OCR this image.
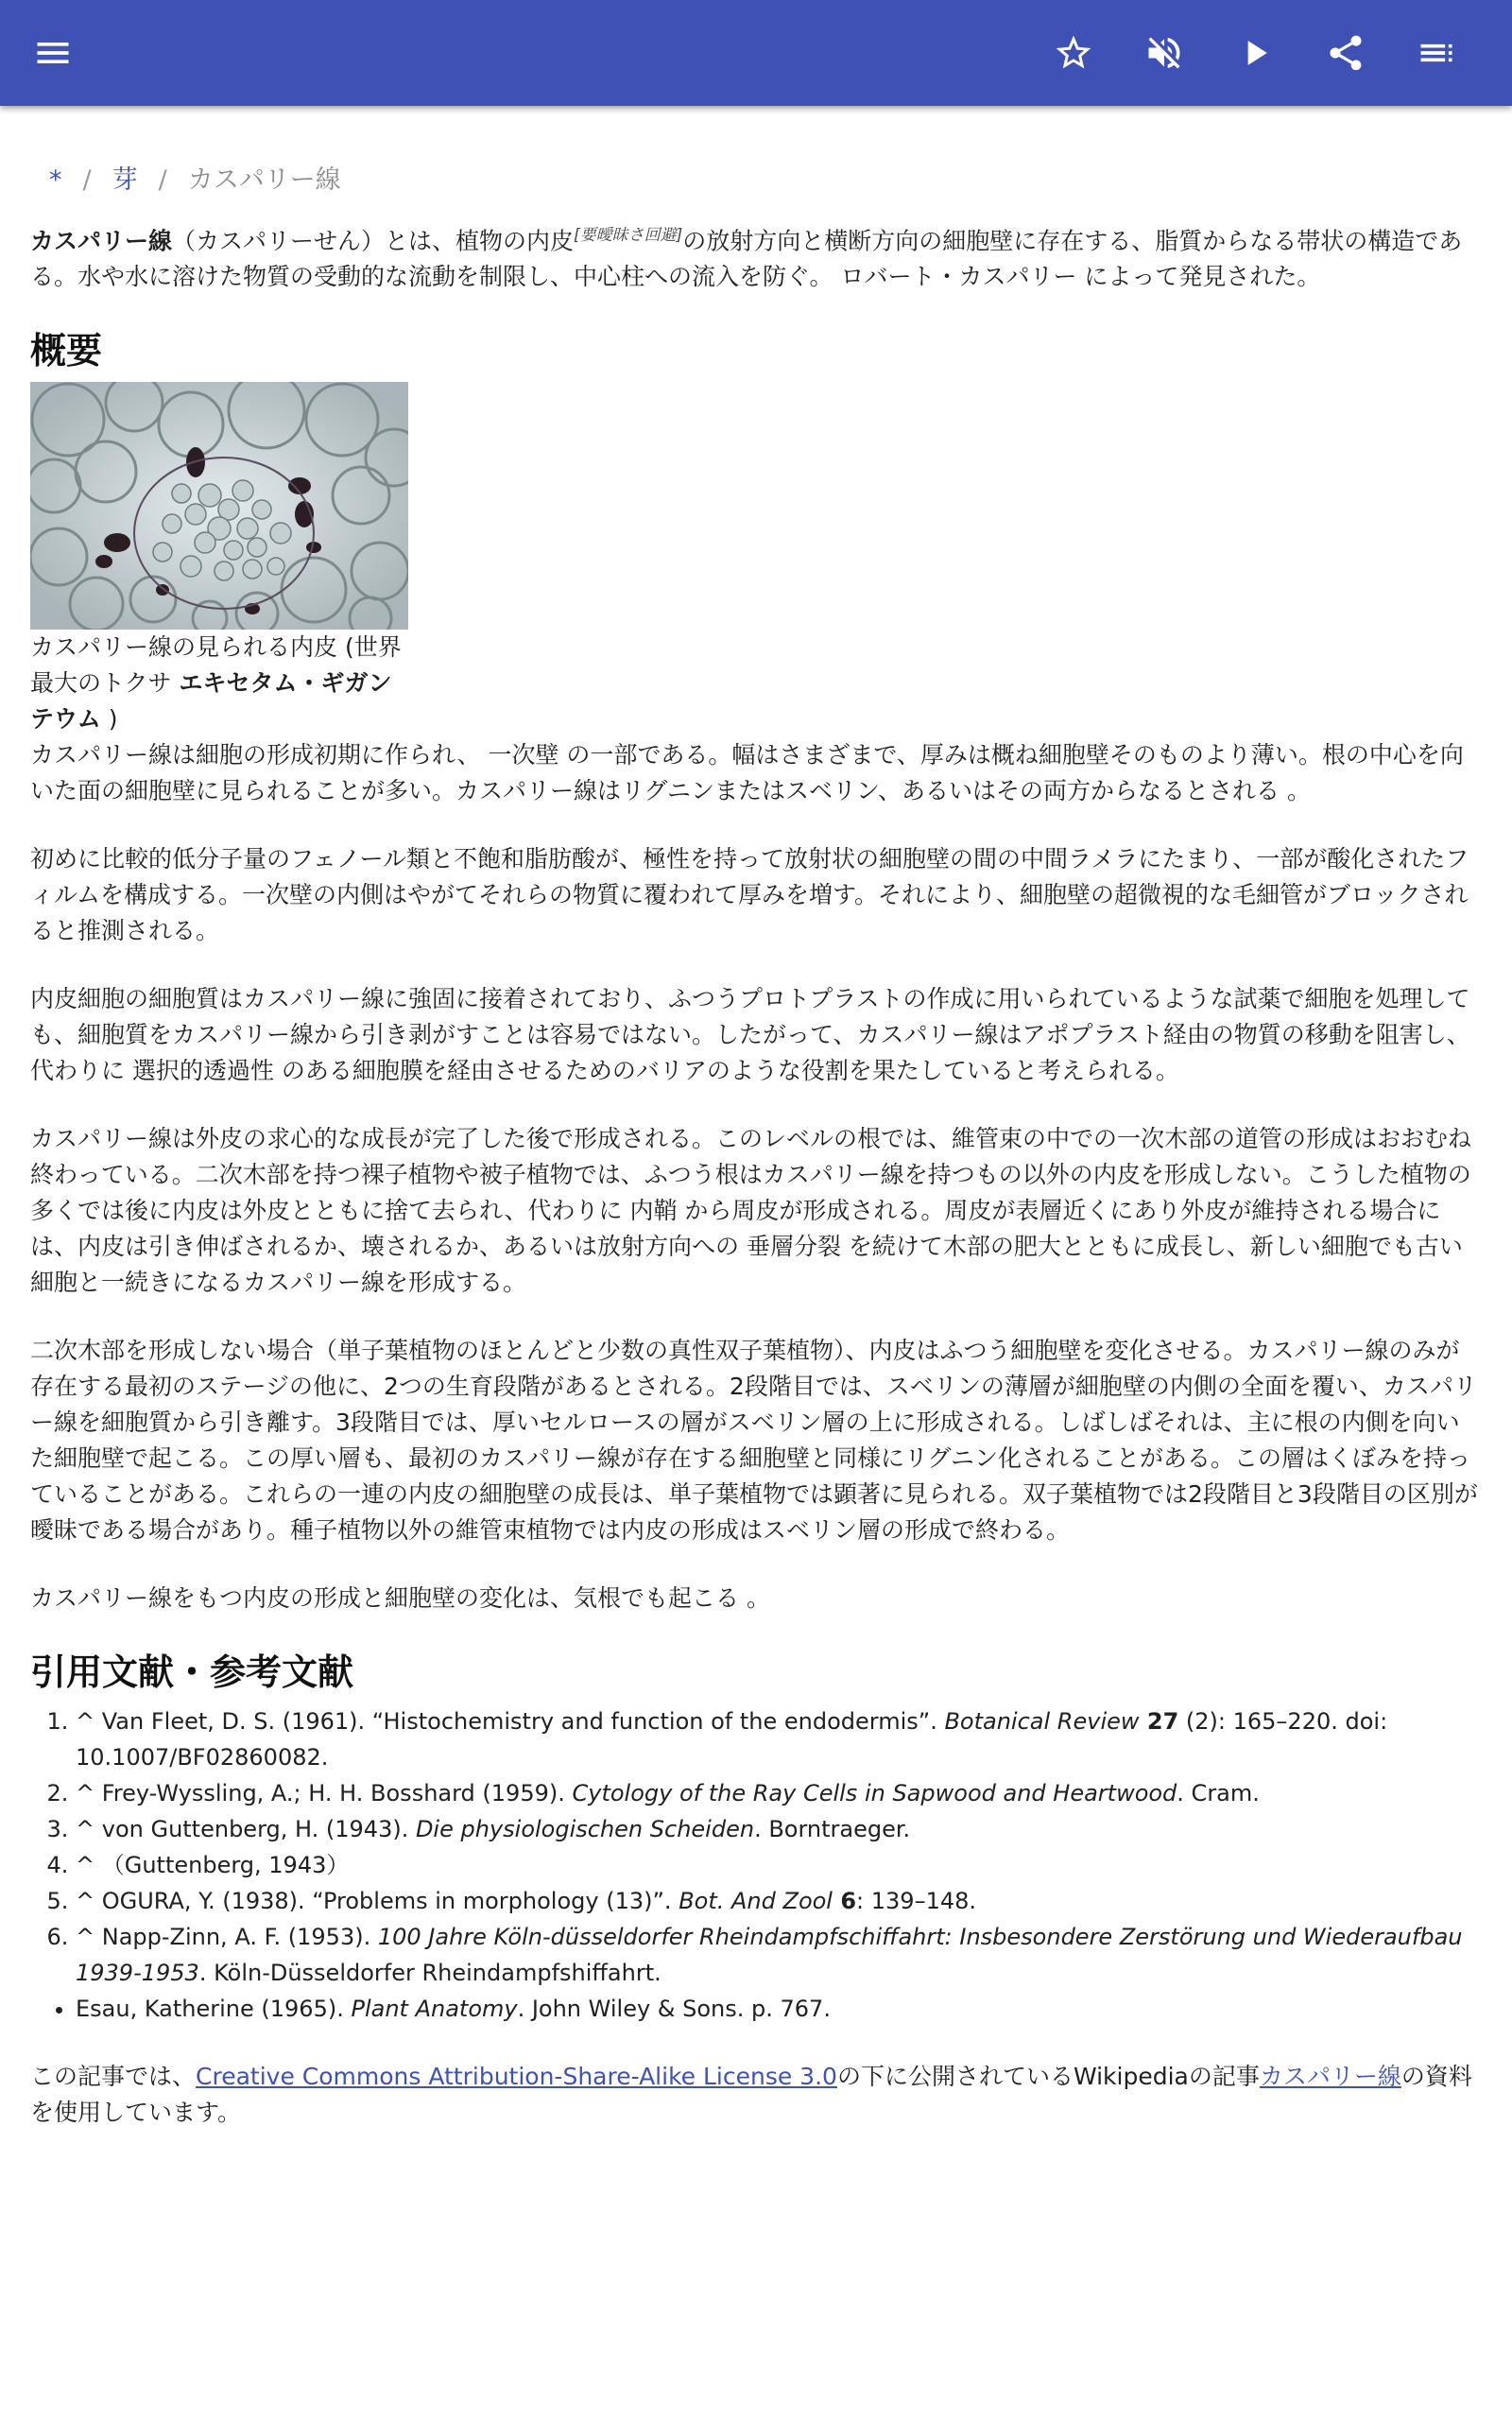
* / 芽 / カスパリー線

カスパリー線（カスパリーせん）とは、植物の内皮[要曖昧さ回避]の放射方向と横断方向の細胞壁に存在する、脂質からなる帯状の構造である。水や水に溶けた物質の受動的な流動を制限し、中心柱への流入を防ぐ。 ロバート・カスパリー によって発見された。

概要
カスパリー線の見られる内皮 (世界最大のトクサ エキセタム・ギガンテウム )

カスパリー線は細胞の形成初期に作られ、 一次壁 の一部である。幅はさまざまで、厚みは概ね細胞壁そのものより薄い。根の中心を向いた面の細胞壁に見られることが多い。カスパリー線はリグニンまたはスベリン、あるいはその両方からなるとされる 。

初めに比較的低分子量のフェノール類と不飽和脂肪酸が、極性を持って放射状の細胞壁の間の中間ラメラにたまり、一部が酸化されたフィルムを構成する。一次壁の内側はやがてそれらの物質に覆われて厚みを増す。それにより、細胞壁の超微視的な毛細管がブロックされると推測される。

内皮細胞の細胞質はカスパリー線に強固に接着されており、ふつうプロトプラストの作成に用いられているような試薬で細胞を処理しても、細胞質をカスパリー線から引き剥がすことは容易ではない。したがって、カスパリー線はアポプラスト経由の物質の移動を阻害し、代わりに 選択的透過性 のある細胞膜を経由させるためのバリアのような役割を果たしていると考えられる。

カスパリー線は外皮の求心的な成長が完了した後で形成される。このレベルの根では、維管束の中での一次木部の道管の形成はおおむね終わっている。二次木部を持つ裸子植物や被子植物では、ふつう根はカスパリー線を持つもの以外の内皮を形成しない。こうした植物の多くでは後に内皮は外皮とともに捨て去られ、代わりに 内鞘 から周皮が形成される。周皮が表層近くにあり外皮が維持される場合には、内皮は引き伸ばされるか、壊されるか、あるいは放射方向への 垂層分裂 を続けて木部の肥大とともに成長し、新しい細胞でも古い細胞と一続きになるカスパリー線を形成する。

二次木部を形成しない場合（単子葉植物のほとんどと少数の真性双子葉植物）、内皮はふつう細胞壁を変化させる。カスパリー線のみが存在する最初のステージの他に、2つの生育段階があるとされる。2段階目では、スベリンの薄層が細胞壁の内側の全面を覆い、カスパリー線を細胞質から引き離す。3段階目では、厚いセルロースの層がスベリン層の上に形成される。しばしばそれは、主に根の内側を向いた細胞壁で起こる。この厚い層も、最初のカスパリー線が存在する細胞壁と同様にリグニン化されることがある。この層はくぼみを持っていることがある。これらの一連の内皮の細胞壁の成長は、単子葉植物では顕著に見られる。双子葉植物では2段階目と3段階目の区別が曖昧である場合があり。種子植物以外の維管束植物では内皮の形成はスベリン層の形成で終わる。

カスパリー線をもつ内皮の形成と細胞壁の変化は、気根でも起こる 。

引用文献・参考文献
1. ^ Van Fleet, D. S. (1961). “Histochemistry and function of the endodermis”. Botanical Review 27 (2): 165–220. doi: 10.1007/BF02860082.
2. ^ Frey-Wyssling, A.; H. H. Bosshard (1959). Cytology of the Ray Cells in Sapwood and Heartwood. Cram.
3. ^ von Guttenberg, H. (1943). Die physiologischen Scheiden. Borntraeger.
4. ^ （Guttenberg, 1943）
5. ^ OGURA, Y. (1938). “Problems in morphology (13)”. Bot. And Zool 6: 139–148.
6. ^ Napp-Zinn, A. F. (1953). 100 Jahre Köln-düsseldorfer Rheindampfschiffahrt: Insbesondere Zerstörung und Wiederaufbau 1939-1953. Köln-Düsseldorfer Rheindampfshiffahrt.
• Esau, Katherine (1965). Plant Anatomy. John Wiley & Sons. p. 767.
この記事では、Creative Commons Attribution-Share-Alike License 3.0の下に公開されているWikipediaの記事カスパリー線の資料を使用しています。
